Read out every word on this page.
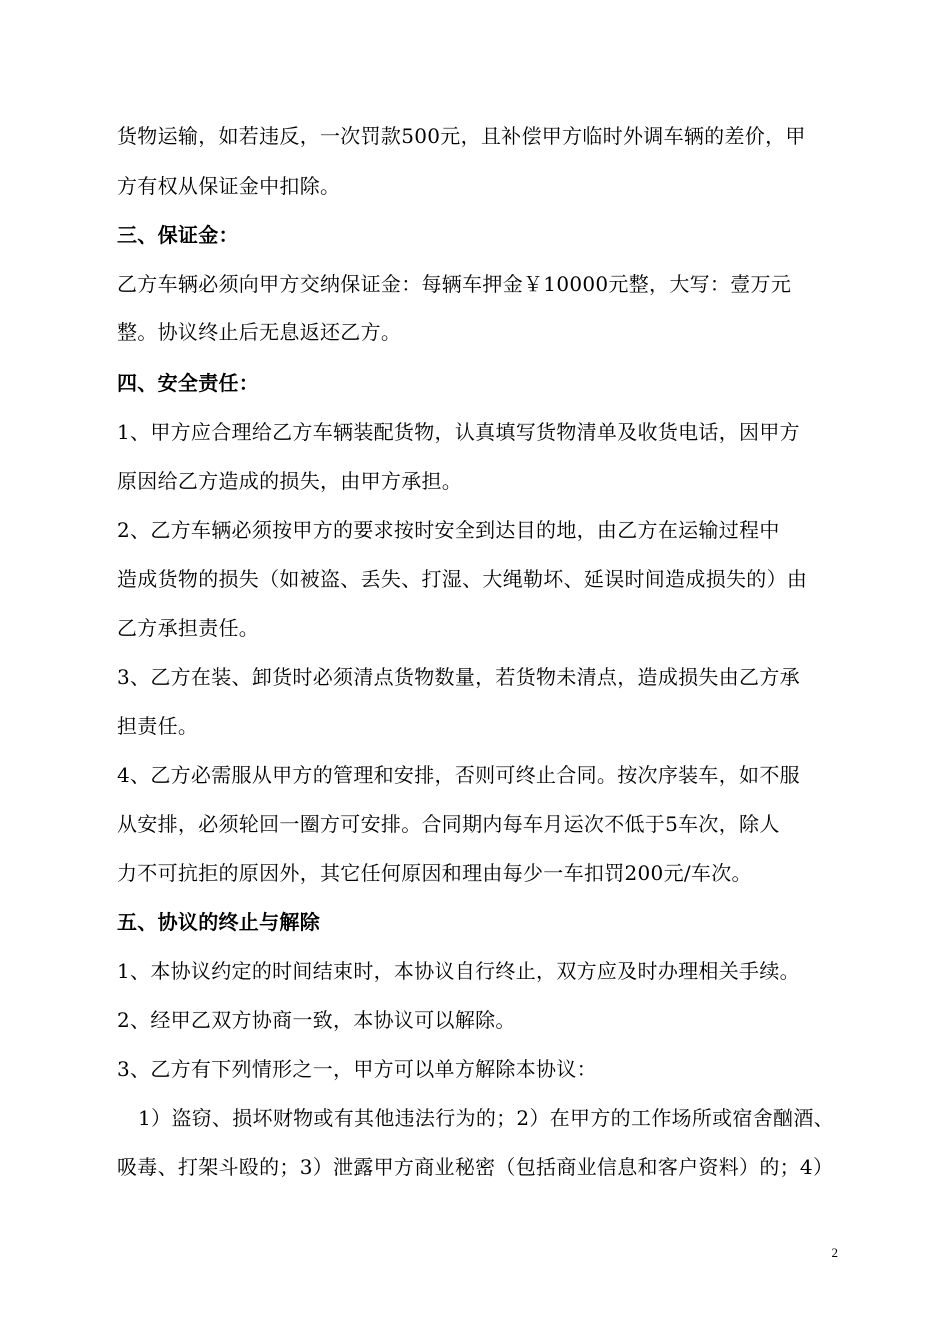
货物运输，如若违反，一次罚款500元，且补偿甲方临时外调车辆的差价，甲
方有权从保证金中扣除。
三、保证金：
乙方车辆必须向甲方交纳保证金：每辆车押金￥10000元整，大写：壹万元
整。协议终止后无息返还乙方。
四、安全责任：
1、甲方应合理给乙方车辆装配货物，认真填写货物清单及收货电话，因甲方
原因给乙方造成的损失，由甲方承担。
2、乙方车辆必须按甲方的要求按时安全到达目的地，由乙方在运输过程中
造成货物的损失（如被盗、丢失、打湿、大绳勒坏、延误时间造成损失的）由
乙方承担责任。
3、乙方在装、卸货时必须清点货物数量，若货物未清点，造成损失由乙方承
担责任。
4、乙方必需服从甲方的管理和安排，否则可终止合同。按次序装车，如不服
从安排，必须轮回一圈方可安排。合同期内每车月运次不低于5车次，除人
力不可抗拒的原因外，其它任何原因和理由每少一车扣罚200元/车次。
五、协议的终止与解除
1、本协议约定的时间结束时，本协议自行终止，双方应及时办理相关手续。
2、经甲乙双方协商一致，本协议可以解除。
3、乙方有下列情形之一，甲方可以单方解除本协议：
1）盗窃、损坏财物或有其他违法行为的；2）在甲方的工作场所或宿舍酗酒、
吸毒、打架斗殴的；3）泄露甲方商业秘密（包括商业信息和客户资料）的；4）
2
